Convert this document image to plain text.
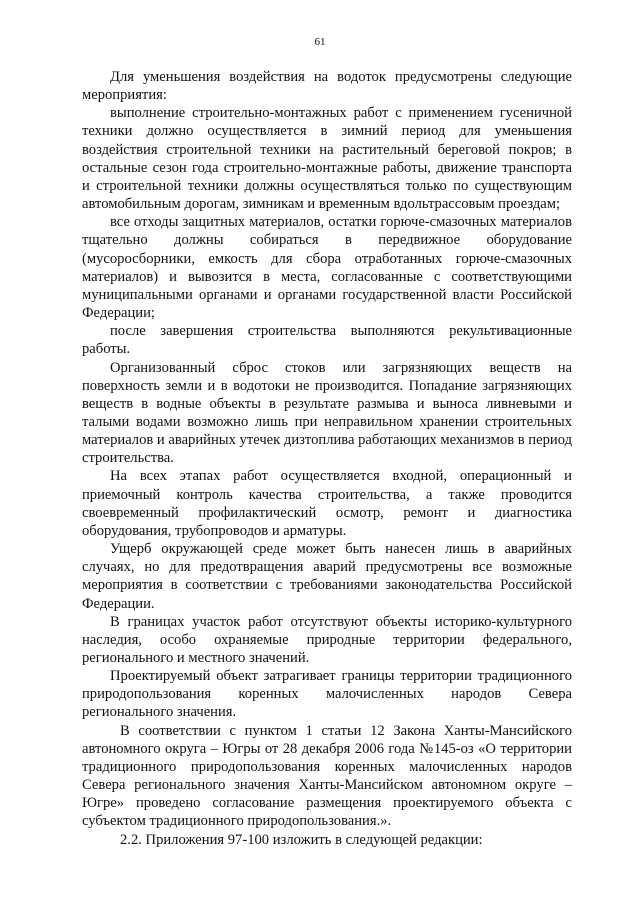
61

Для уменьшения воздействия на водоток предусмотрены следующие мероприятия:

выполнение строительно-монтажных работ с применением гусеничной техники должно осуществляется в зимний период для уменьшения воздействия строительной техники на растительный береговой покров; в остальные сезон года строительно-монтажные работы, движение транспорта и строительной техники должны осуществляться только по существующим автомобильным дорогам, зимникам и временным вдольтрассовым проездам;

все отходы защитных материалов, остатки горюче-смазочных материалов тщательно должны собираться в передвижное оборудование (мусоросборники, емкость для сбора отработанных горюче-смазочных материалов) и вывозится в места, согласованные с соответствующими муниципальными органами и органами государственной власти Российской Федерации;

после завершения строительства выполняются рекультивационные работы.

Организованный сброс стоков или загрязняющих веществ на поверхность земли и в водотоки не производится. Попадание загрязняющих веществ в водные объекты в результате размыва и выноса ливневыми и талыми водами возможно лишь при неправильном хранении строительных материалов и аварийных утечек дизтоплива работающих механизмов в период строительства.

На всех этапах работ осуществляется входной, операционный и приемочный контроль качества строительства, а также проводится своевременный профилактический осмотр, ремонт и диагностика оборудования, трубопроводов и арматуры.

Ущерб окружающей среде может быть нанесен лишь в аварийных случаях, но для предотвращения аварий предусмотрены все возможные мероприятия в соответствии с требованиями законодательства Российской Федерации.

В границах участок работ отсутствуют объекты историко-культурного наследия, особо охраняемые природные территории федерального, регионального и местного значений.

Проектируемый объект затрагивает границы территории традиционного природопользования коренных малочисленных народов Севера регионального значения.

В соответствии с пунктом 1 статьи 12 Закона Ханты-Мансийского автономного округа – Югры от 28 декабря 2006 года №145-оз «О территории традиционного природопользования коренных малочисленных народов Севера регионального значения Ханты-Мансийском автономном округе – Югре» проведено согласование размещения проектируемого объекта с субъектом традиционного природопользования.».

2.2. Приложения 97-100 изложить в следующей редакции:
